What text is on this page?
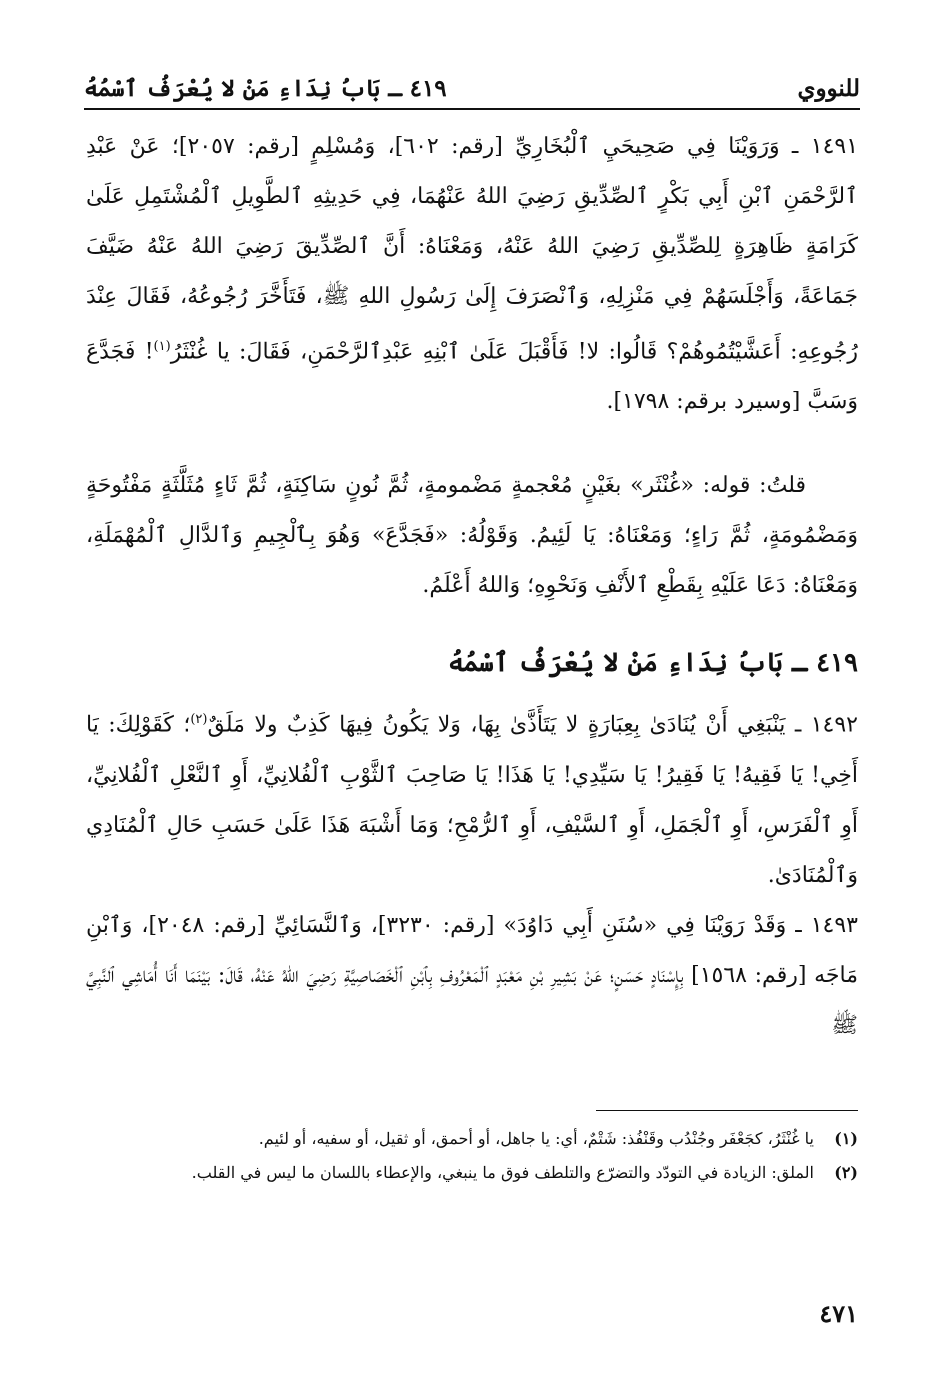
للنووي
٤١٩ ـ بَابُ نِدَاءِ مَنْ لا يُعْرَفُ ٱسْمُهُ

١٤٩١ ـ وَرَوَيْنَا فِي صَحِيحَيِ ٱلْبُخَارِيِّ [رقم: ٦٠٢]، وَمُسْلِمٍ [رقم: ٢٠٥٧]؛ عَنْ عَبْدِ ٱلرَّحْمَنِ ٱبْنِ أَبِي بَكْرٍ ٱلصِّدِّيقِ رَضِيَ اللهُ عَنْهُمَا، فِي حَدِيثِهِ ٱلطَّوِيلِ ٱلْمُشْتَمِلِ عَلَىٰ كَرَامَةٍ ظَاهِرَةٍ لِلصِّدِّيقِ رَضِيَ اللهُ عَنْهُ، وَمَعْنَاهُ: أَنَّ ٱلصِّدِّيقَ رَضِيَ اللهُ عَنْهُ ضَيَّفَ جَمَاعَةً، وَأَجْلَسَهُمْ فِي مَنْزِلِهِ، وَٱنْصَرَفَ إِلَىٰ رَسُولِ اللهِ ﷺ، فَتَأَخَّرَ رُجُوعُهُ، فَقَالَ عِنْدَ رُجُوعِهِ: أَعَشَّيْتُمُوهُمْ؟ قَالُوا: لا! فَأَقْبَلَ عَلَىٰ ٱبْنِهِ عَبْدِٱلرَّحْمَنِ، فَقَالَ: يا غُنْثَرُ$^{(١)}$! فَجَدَّعَ وَسَبَّ [وسيرد برقم: ١٧٩٨].

قلتُ: قوله: «غُنْثَر» بغَيْنٍ مُعْجمةٍ مَضْمومةٍ، ثُمَّ نُونٍ سَاكِنَةٍ، ثُمَّ ثَاءٍ مُثَلَّثَةٍ مَفْتُوحَةٍ وَمَضْمُومَةٍ، ثُمَّ رَاءٍ؛ وَمَعْنَاهُ: يَا لَئِيمُ. وَقَوْلُهُ: «فَجَدَّعَ» وَهُوَ بِٱلْجِيمِ وَٱلدَّالِ ٱلْمُهْمَلَةِ، وَمَعْنَاهُ: دَعَا عَلَيْهِ بِقَطْعِ ٱلأَنْفِ وَنَحْوِهِ؛ وَاللهُ أَعْلَمُ.

٤١٩ ـ بَابُ نِدَاءِ مَنْ لا يُعْرَفُ ٱسْمُهُ

١٤٩٢ ـ يَنْبَغِي أَنْ يُنَادَىٰ بِعِبَارَةٍ لا يَتَأَذَّىٰ بِهَا، وَلا يَكُونُ فِيهَا كَذِبٌ ولا مَلَقٌ$^{(٢)}$؛ كَقَوْلِكَ: يَا أَخِي! يَا فَقِيهُ! يَا فَقِيرُ! يَا سَيِّدِي! يَا هَذَا! يَا صَاحِبَ ٱلثَّوْبِ ٱلْفُلانِيِّ، أَوِ ٱلنَّعْلِ ٱلْفُلانِيِّ، أَوِ ٱلْفَرَسِ، أَوِ ٱلْجَمَلِ، أَوِ ٱلسَّيْفِ، أَوِ ٱلرُّمْحِ؛ وَمَا أَشْبَهَ هَذَا عَلَىٰ حَسَبِ حَالِ ٱلْمُنَادِي وَٱلْمُنَادَىٰ.

١٤٩٣ ـ وَقَدْ رَوَيْنَا فِي «سُنَنِ أَبِي دَاوُدَ» [رقم: ٣٢٣٠]، وَٱلنَّسَائِيِّ [رقم: ٢٠٤٨]، وَٱبْنِ مَاجَه [رقم: ١٥٦٨] بِإِسْنَادٍ حَسَنٍ؛ عَنْ بَشِيرِ بْنِ مَعْبَدٍ ٱلْمَعْرُوفِ بِٱبْنِ ٱلْخَصَاصِيَّةِ رَضِيَ اللهُ عَنْهُ، قَالَ: بَيْنَمَا أَنَا أُمَاشِي ٱلنَّبِيَّ ﷺ

(١)
يا غُنْثَرُ، كجَعْفَر وجُنْدُب وقَنْفُذ: شَتْمٌ، أي: يا جاهل، أو أحمق، أو ثقيل، أو سفيه، أو لئيم.
(٢)
الملق: الزيادة في التودّد والتضرّع والتلطف فوق ما ينبغي، والإعطاء باللسان ما ليس في القلب.
٤٧١
